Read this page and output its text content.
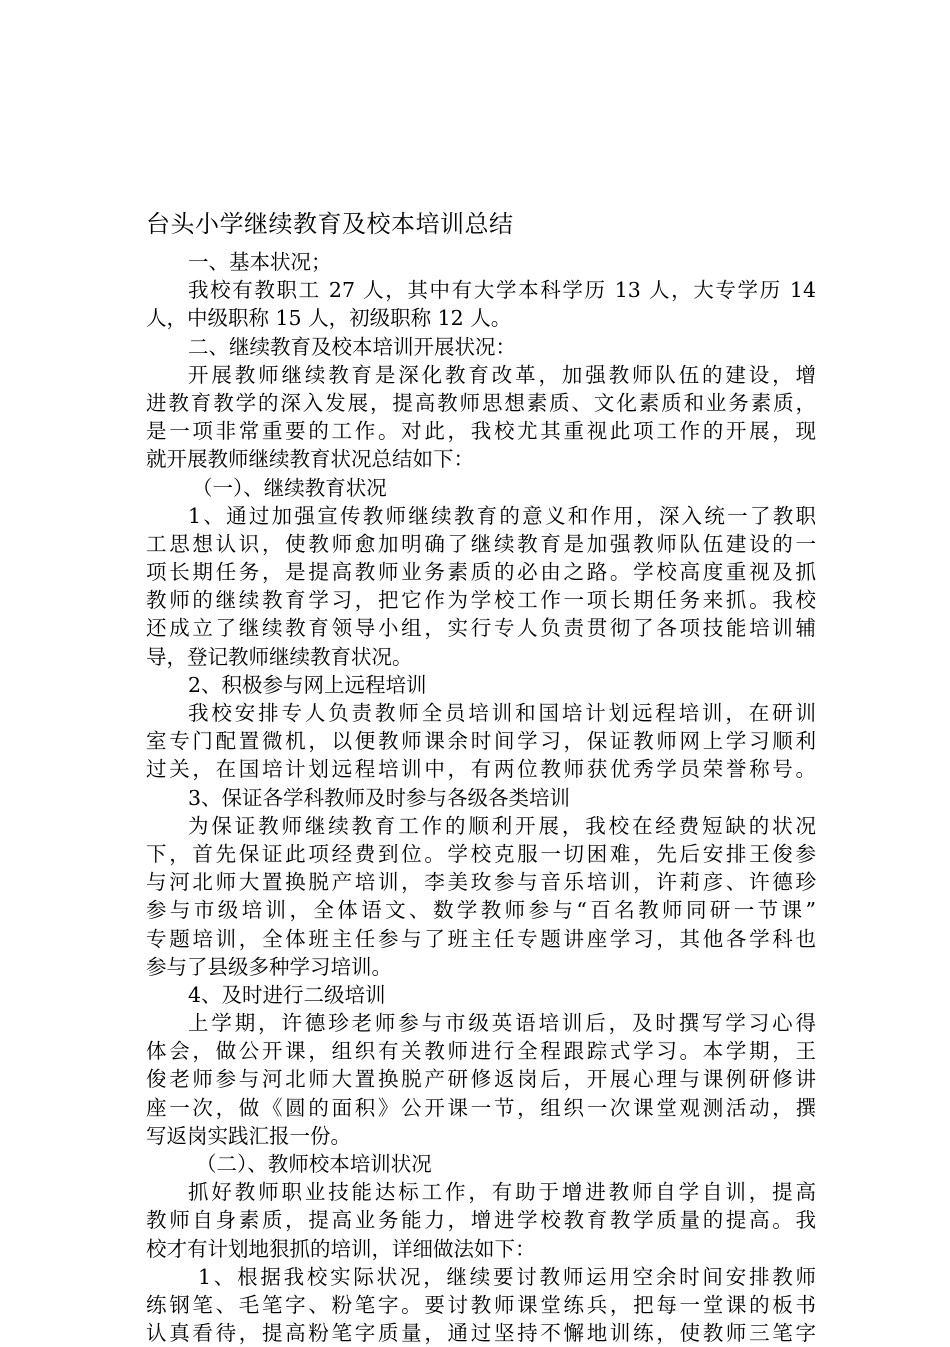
台头小学继续教育及校本培训总结
一、基本状况；
我校有教职工 27 人，其中有大学本科学历 13 人，大专学历 14
人，中级职称 15 人，初级职称 12 人。
二、继续教育及校本培训开展状况：
开展教师继续教育是深化教育改革，加强教师队伍的建设，增
进教育教学的深入发展，提高教师思想素质、文化素质和业务素质，
是一项非常重要的工作。对此，我校尤其重视此项工作的开展，现
就开展教师继续教育状况总结如下：
（一）、继续教育状况
1、通过加强宣传教师继续教育的意义和作用，深入统一了教职
工思想认识，使教师愈加明确了继续教育是加强教师队伍建设的一
项长期任务，是提高教师业务素质的必由之路。学校高度重视及抓
教师的继续教育学习，把它作为学校工作一项长期任务来抓。我校
还成立了继续教育领导小组，实行专人负责贯彻了各项技能培训辅
导，登记教师继续教育状况。
2、积极参与网上远程培训
我校安排专人负责教师全员培训和国培计划远程培训，在研训
室专门配置微机，以便教师课余时间学习，保证教师网上学习顺利
过关，在国培计划远程培训中，有两位教师获优秀学员荣誉称号。
3、保证各学科教师及时参与各级各类培训
为保证教师继续教育工作的顺利开展，我校在经费短缺的状况
下，首先保证此项经费到位。学校克服一切困难，先后安排王俊参
与河北师大置换脱产培训，李美玫参与音乐培训，许莉彦、许德珍
参与市级培训，全体语文、数学教师参与“百名教师同研一节课”
专题培训，全体班主任参与了班主任专题讲座学习，其他各学科也
参与了县级多种学习培训。
4、及时进行二级培训
上学期，许德珍老师参与市级英语培训后，及时撰写学习心得
体会，做公开课，组织有关教师进行全程跟踪式学习。本学期，王
俊老师参与河北师大置换脱产研修返岗后，开展心理与课例研修讲
座一次，做《圆的面积》公开课一节，组织一次课堂观测活动，撰
写返岗实践汇报一份。
（二）、教师校本培训状况
抓好教师职业技能达标工作，有助于增进教师自学自训，提高
教师自身素质，提高业务能力，增进学校教育教学质量的提高。我
校才有计划地狠抓的培训，详细做法如下：
1、根据我校实际状况，继续要讨教师运用空余时间安排教师
练钢笔、毛笔字、粉笔字。要讨教师课堂练兵，把每一堂课的板书
认真看待，提高粉笔字质量，通过坚持不懈地训练，使教师三笔字
